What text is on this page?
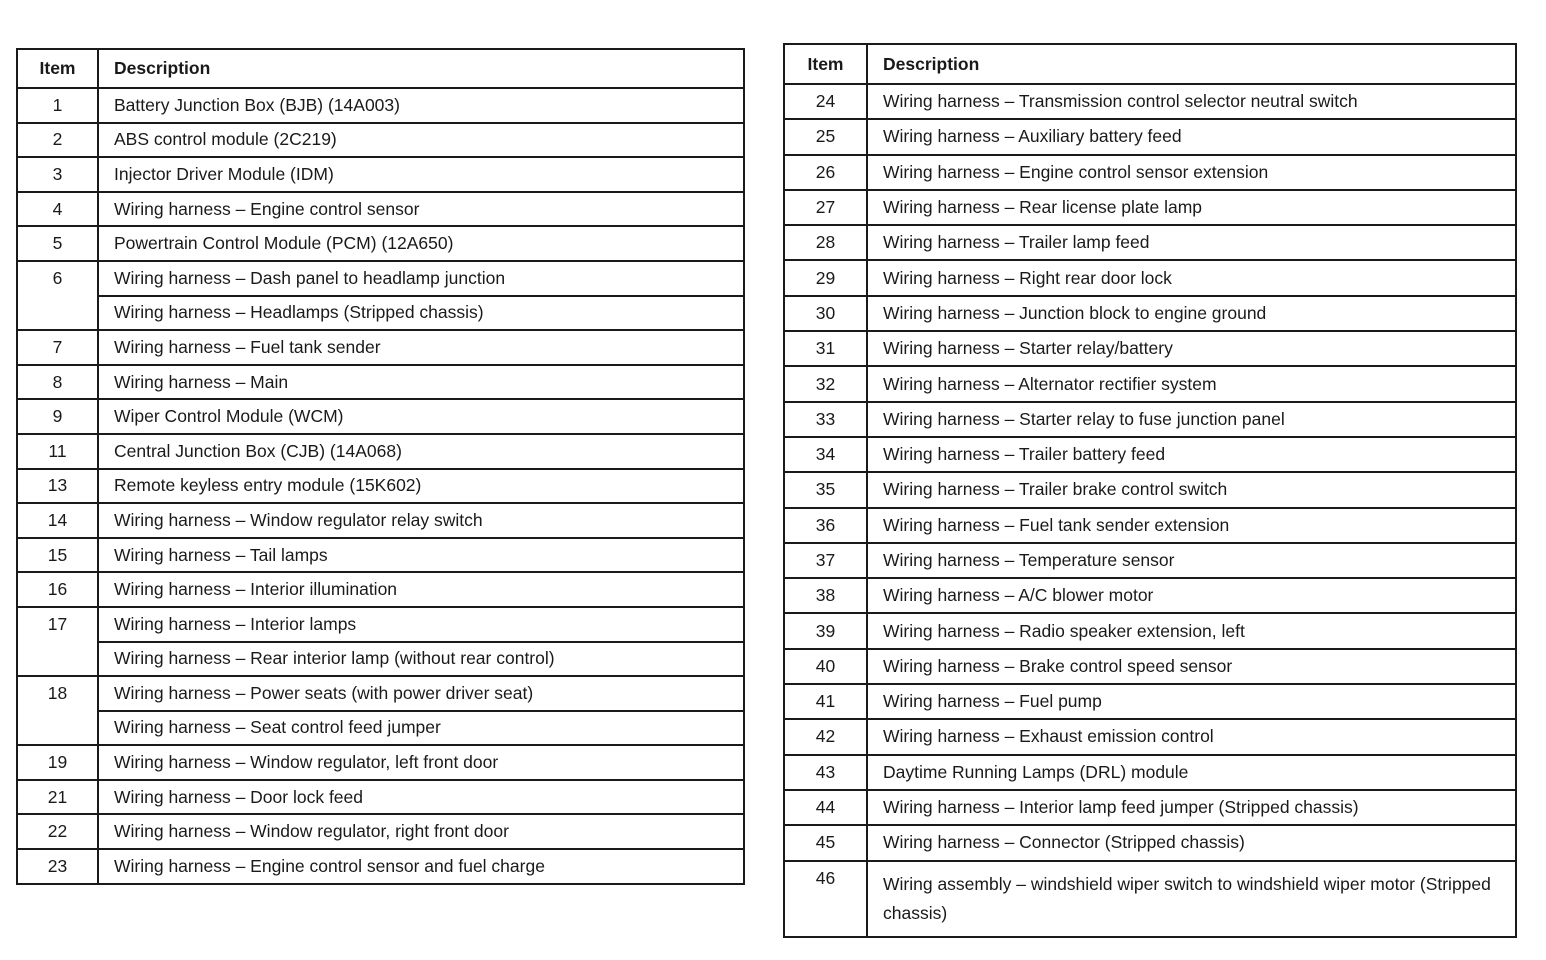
Item	Description
1	Battery Junction Box (BJB) (14A003)
2	ABS control module (2C219)
3	Injector Driver Module (IDM)
4	Wiring harness – Engine control sensor
5	Powertrain Control Module (PCM) (12A650)
6	Wiring harness – Dash panel to headlamp junction
	Wiring harness – Headlamps (Stripped chassis)
7	Wiring harness – Fuel tank sender
8	Wiring harness – Main
9	Wiper Control Module (WCM)
11	Central Junction Box (CJB) (14A068)
13	Remote keyless entry module (15K602)
14	Wiring harness – Window regulator relay switch
15	Wiring harness – Tail lamps
16	Wiring harness – Interior illumination
17	Wiring harness – Interior lamps
	Wiring harness – Rear interior lamp (without rear control)
18	Wiring harness – Power seats (with power driver seat)
	Wiring harness – Seat control feed jumper
19	Wiring harness – Window regulator, left front door
21	Wiring harness – Door lock feed
22	Wiring harness – Window regulator, right front door
23	Wiring harness – Engine control sensor and fuel charge
Item	Description
24	Wiring harness – Transmission control selector neutral switch
25	Wiring harness – Auxiliary battery feed
26	Wiring harness – Engine control sensor extension
27	Wiring harness – Rear license plate lamp
28	Wiring harness – Trailer lamp feed
29	Wiring harness – Right rear door lock
30	Wiring harness – Junction block to engine ground
31	Wiring harness – Starter relay/battery
32	Wiring harness – Alternator rectifier system
33	Wiring harness – Starter relay to fuse junction panel
34	Wiring harness – Trailer battery feed
35	Wiring harness – Trailer brake control switch
36	Wiring harness – Fuel tank sender extension
37	Wiring harness – Temperature sensor
38	Wiring harness – A/C blower motor
39	Wiring harness – Radio speaker extension, left
40	Wiring harness – Brake control speed sensor
41	Wiring harness – Fuel pump
42	Wiring harness – Exhaust emission control
43	Daytime Running Lamps (DRL) module
44	Wiring harness – Interior lamp feed jumper (Stripped chassis)
45	Wiring harness – Connector (Stripped chassis)
46	Wiring assembly – windshield wiper switch to windshield wiper motor (Stripped chassis)
